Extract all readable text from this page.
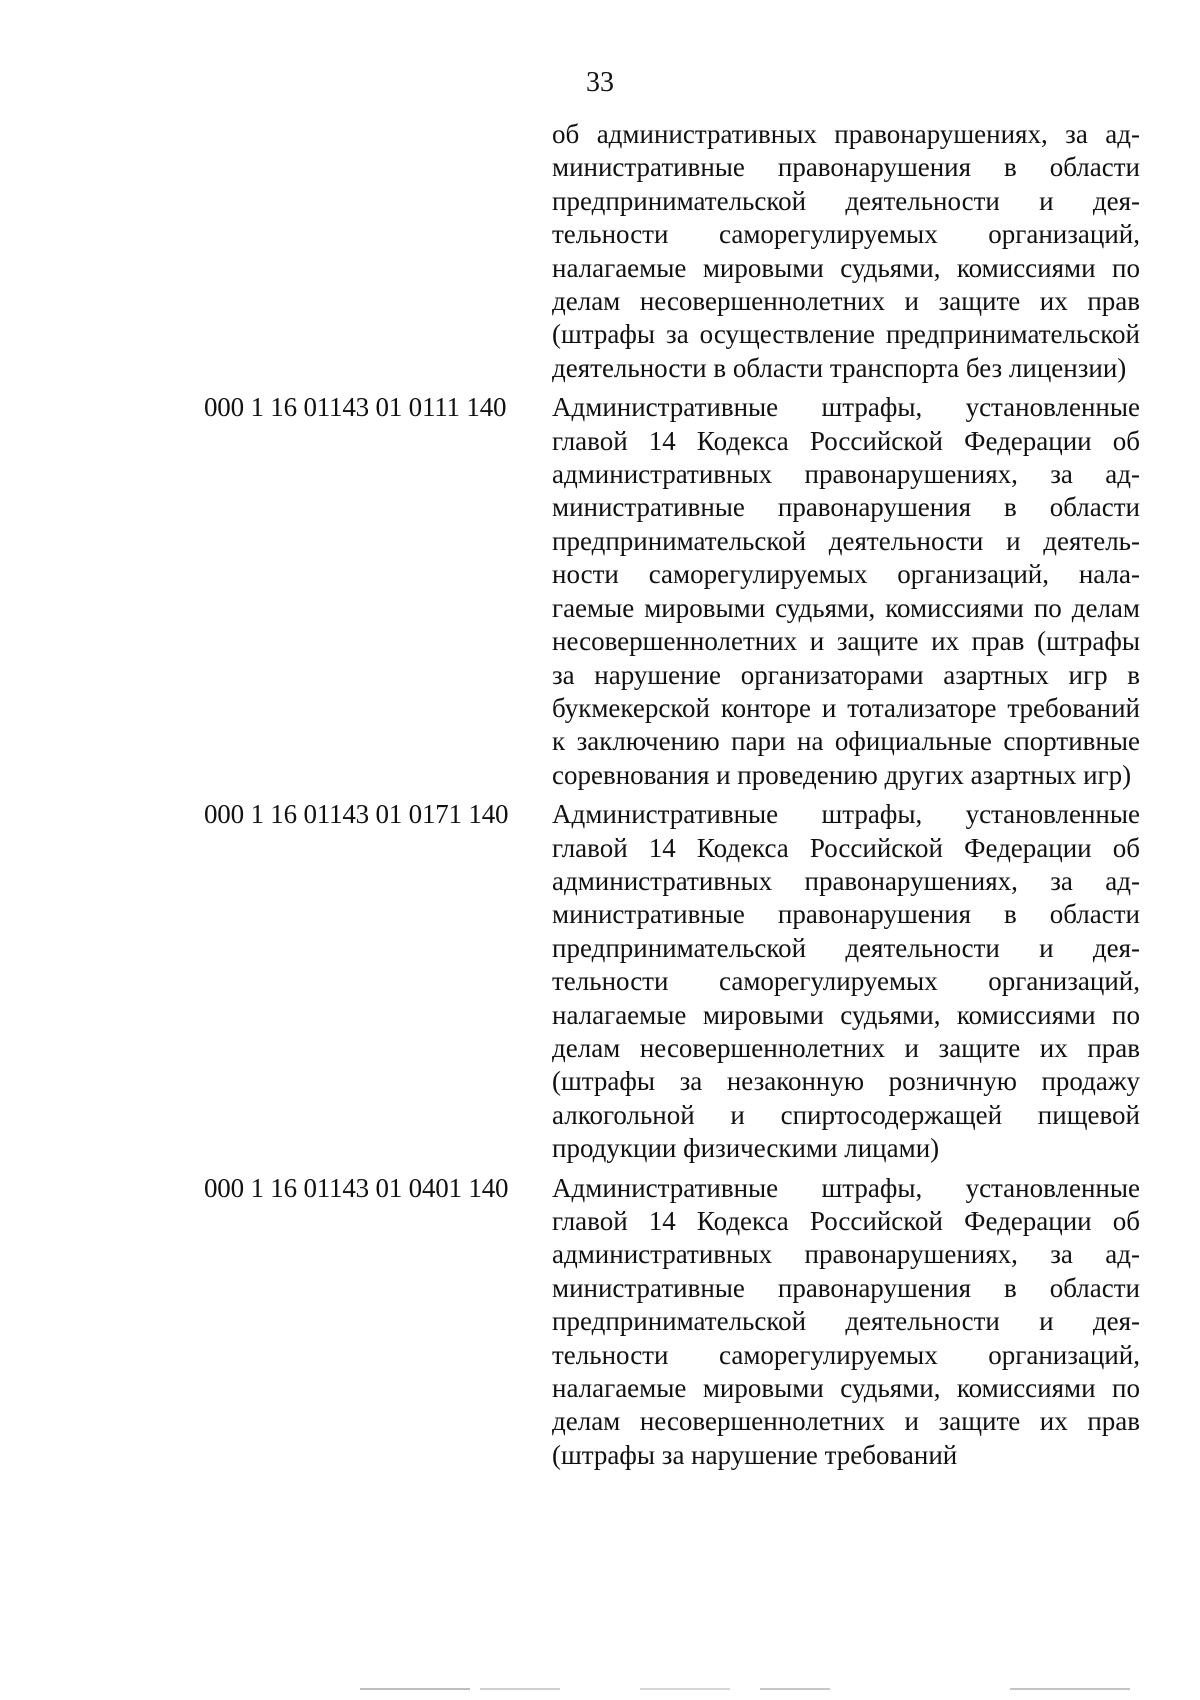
33
об административных правонарушениях, за административные правонарушения в области предпринимательской деятельности и деятельности саморегулируемых организаций, налагаемые мировыми судьями, комиссиями по делам несовершеннолетних и защите их прав (штрафы за осуществление предпринимательской деятельности в области транспорта без лицензии)
000 1 16 01143 01 0111 140	Административные штрафы, установленные главой 14 Кодекса Российской Федерации об административных правонарушениях, за административные правонарушения в области предпринимательской деятельности и деятельности саморегулируемых организаций, налагаемые мировыми судьями, комиссиями по делам несовершеннолетних и защите их прав (штрафы за нарушение организаторами азартных игр в букмекерской конторе и тотализаторе требований к заключению пари на официальные спортивные соревнования и проведению других азартных игр)
000 1 16 01143 01 0171 140	Административные штрафы, установленные главой 14 Кодекса Российской Федерации об административных правонарушениях, за административные правонарушения в области предпринимательской деятельности и деятельности саморегулируемых организаций, налагаемые мировыми судьями, комиссиями по делам несовершеннолетних и защите их прав (штрафы за незаконную розничную продажу алкогольной и спиртосодержащей пищевой продукции физическими лицами)
000 1 16 01143 01 0401 140	Административные штрафы, установленные главой 14 Кодекса Российской Федерации об административных правонарушениях, за административные правонарушения в области предпринимательской деятельности и деятельности саморегулируемых организаций, налагаемые мировыми судьями, комиссиями по делам несовершеннолетних и защите их прав (штрафы за нарушение требований
